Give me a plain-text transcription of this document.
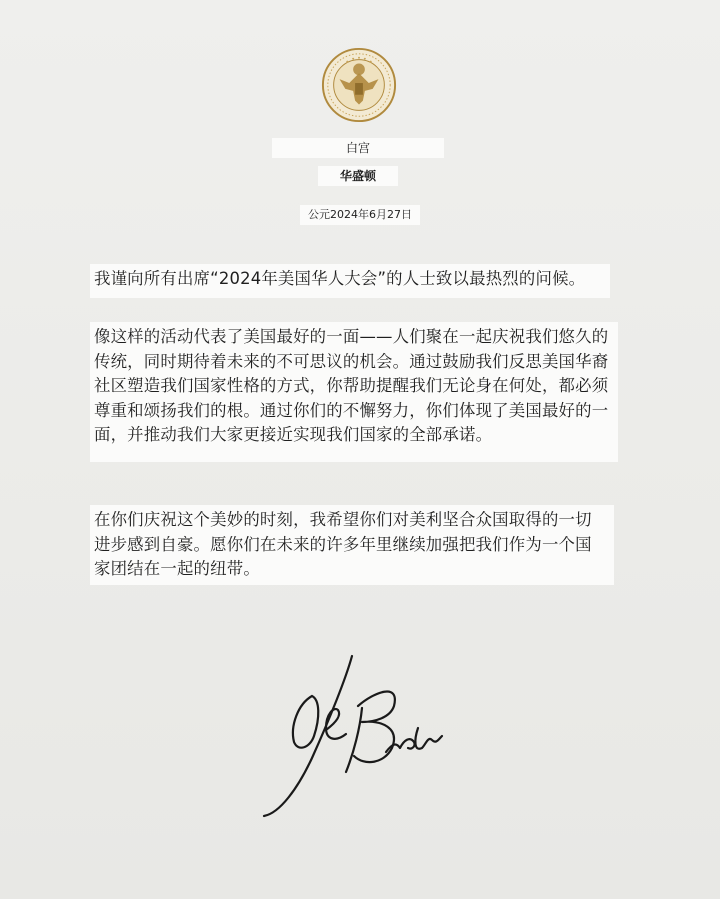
白宫
华盛顿
公元2024年6月27日
我谨向所有出席“2024年美国华人大会”的人士致以最热烈的问候。
像这样的活动代表了美国最好的一面——人们聚在一起庆祝我们悠久的传统，同时期待着未来的不可思议的机会。通过鼓励我们反思美国华裔社区塑造我们国家性格的方式，你帮助提醒我们无论身在何处，都必须尊重和颂扬我们的根。通过你们的不懈努力，你们体现了美国最好的一面，并推动我们大家更接近实现我们国家的全部承诺。
在你们庆祝这个美妙的时刻，我希望你们对美利坚合众国取得的一切进步感到自豪。愿你们在未来的许多年里继续加强把我们作为一个国家团结在一起的纽带。
